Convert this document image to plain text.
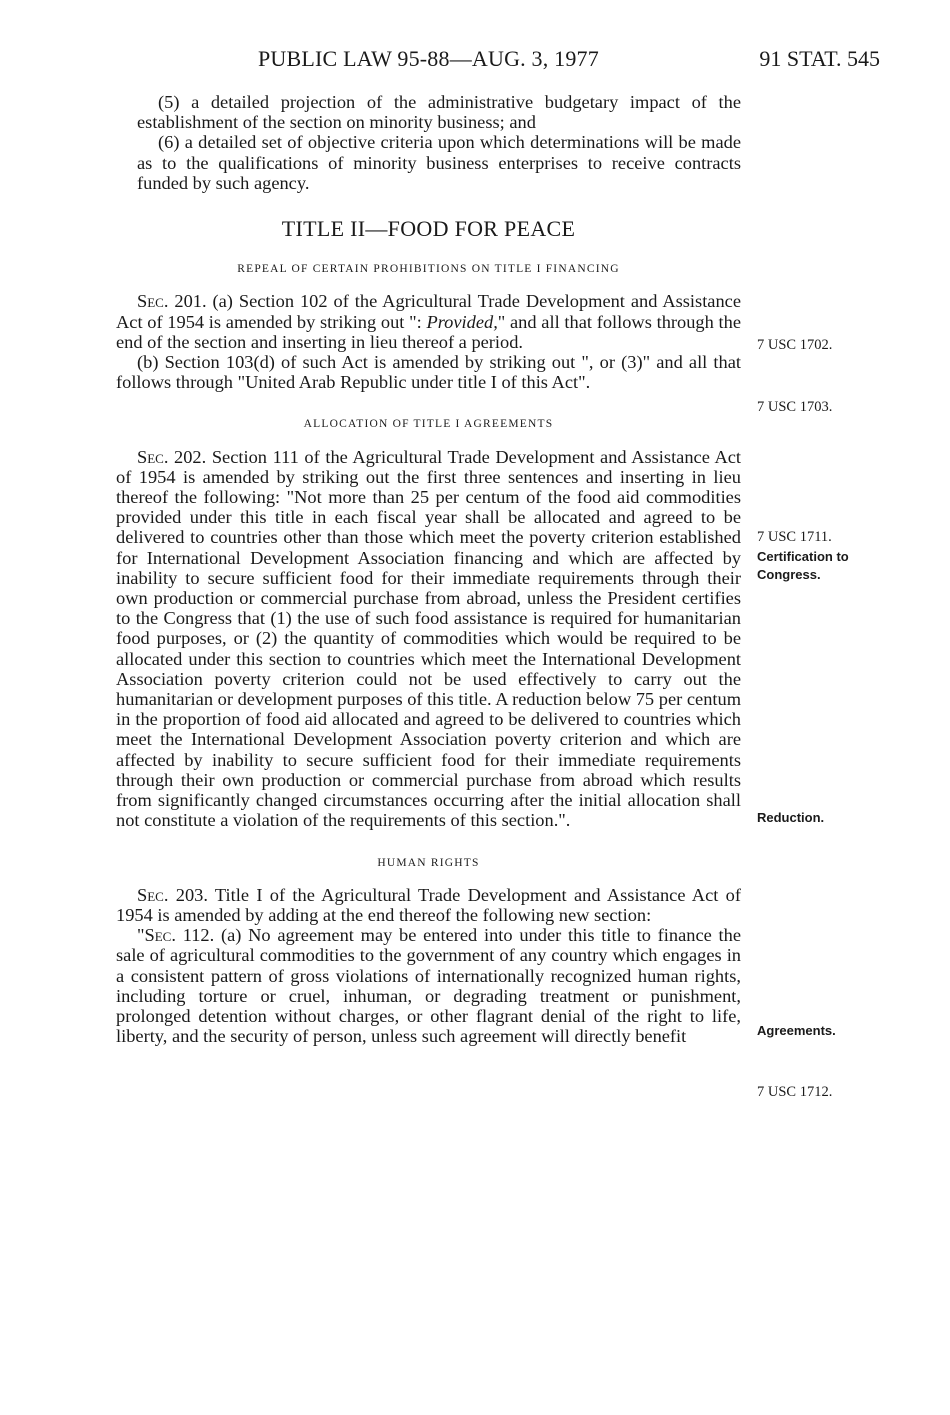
PUBLIC LAW 95-88—AUG. 3, 1977	91 STAT. 545

(5) a detailed projection of the administrative budgetary impact of the establishment of the section on minority business; and

(6) a detailed set of objective criteria upon which determinations will be made as to the qualifications of minority business enterprises to receive contracts funded by such agency.

TITLE II—FOOD FOR PEACE
REPEAL OF CERTAIN PROHIBITIONS ON TITLE I FINANCING

Sec. 201. (a) Section 102 of the Agricultural Trade Development and Assistance Act of 1954 is amended by striking out ": Provided," and all that follows through the end of the section and inserting in lieu thereof a period.

(b) Section 103(d) of such Act is amended by striking out ", or (3)" and all that follows through "United Arab Republic under title I of this Act".

ALLOCATION OF TITLE I AGREEMENTS

Sec. 202. Section 111 of the Agricultural Trade Development and Assistance Act of 1954 is amended by striking out the first three sentences and inserting in lieu thereof the following: "Not more than 25 per centum of the food aid commodities provided under this title in each fiscal year shall be allocated and agreed to be delivered to countries other than those which meet the poverty criterion established for International Development Association financing and which are affected by inability to secure sufficient food for their immediate requirements through their own production or commercial purchase from abroad, unless the President certifies to the Congress that (1) the use of such food assistance is required for humanitarian food purposes, or (2) the quantity of commodities which would be required to be allocated under this section to countries which meet the International Development Association poverty criterion could not be used effectively to carry out the humanitarian or development purposes of this title. A reduction below 75 per centum in the proportion of food aid allocated and agreed to be delivered to countries which meet the International Development Association poverty criterion and which are affected by inability to secure sufficient food for their immediate requirements through their own production or commercial purchase from abroad which results from significantly changed circumstances occurring after the initial allocation shall not constitute a violation of the requirements of this section.".

HUMAN RIGHTS

Sec. 203. Title I of the Agricultural Trade Development and Assistance Act of 1954 is amended by adding at the end thereof the following new section:

"Sec. 112. (a) No agreement may be entered into under this title to finance the sale of agricultural commodities to the government of any country which engages in a consistent pattern of gross violations of internationally recognized human rights, including torture or cruel, inhuman, or degrading treatment or punishment, prolonged detention without charges, or other flagrant denial of the right to life, liberty, and the security of person, unless such agreement will directly benefit

7 USC 1702.
7 USC 1703.
7 USC 1711.
Certification to Congress.
Reduction.
Agreements.
7 USC 1712.
